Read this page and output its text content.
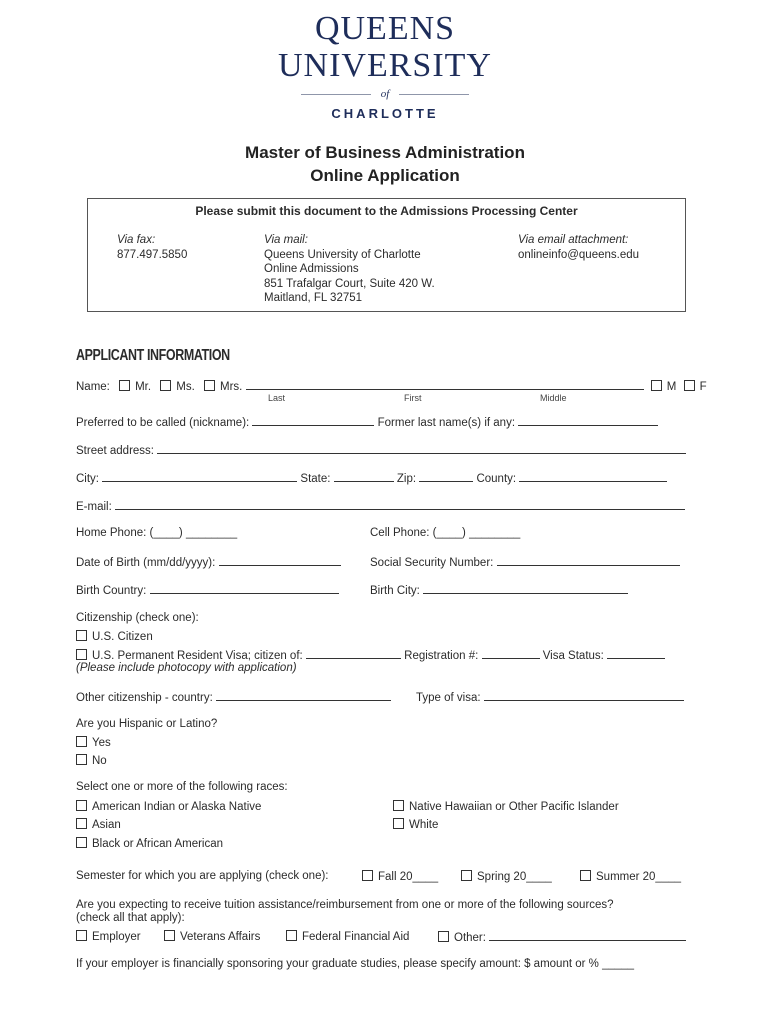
QUEENS
UNIVERSITY
of
CHARLOTTE
Master of Business Administration
Online Application
Please submit this document to the Admissions Processing Center
Via fax:
877.497.5850
Via mail:
Queens University of Charlotte
Online Admissions
851 Trafalgar Court, Suite 420 W.
Maitland, FL 32751
Via email attachment:
onlineinfo@queens.edu
APPLICANT INFORMATION
Name: Mr. Ms. Mrs.	M F
Last	First	Middle
Preferred to be called (nickname):	Former last name(s) if any:
Street address:
City:	State:	Zip:	County:
E-mail:
Home Phone: (____) ________	Cell Phone: (____) ________
Date of Birth (mm/dd/yyyy):	Social Security Number:
Birth Country:	Birth City:
Citizenship (check one):
U.S. Citizen
U.S. Permanent Resident Visa; citizen of:	Registration #:	Visa Status:
(Please include photocopy with application)
Other citizenship - country:	Type of visa:
Are you Hispanic or Latino?
Yes
No
Select one or more of the following races:
American Indian or Alaska Native	Native Hawaiian or Other Pacific Islander
Asian	White
Black or African American
Semester for which you are applying (check one):	Fall 20____	Spring 20____	Summer 20____
Are you expecting to receive tuition assistance/reimbursement from one or more of the following sources?
(check all that apply):
Employer	Veterans Affairs	Federal Financial Aid	Other:
If your employer is financially sponsoring your graduate studies, please specify amount: $ amount or % _____
